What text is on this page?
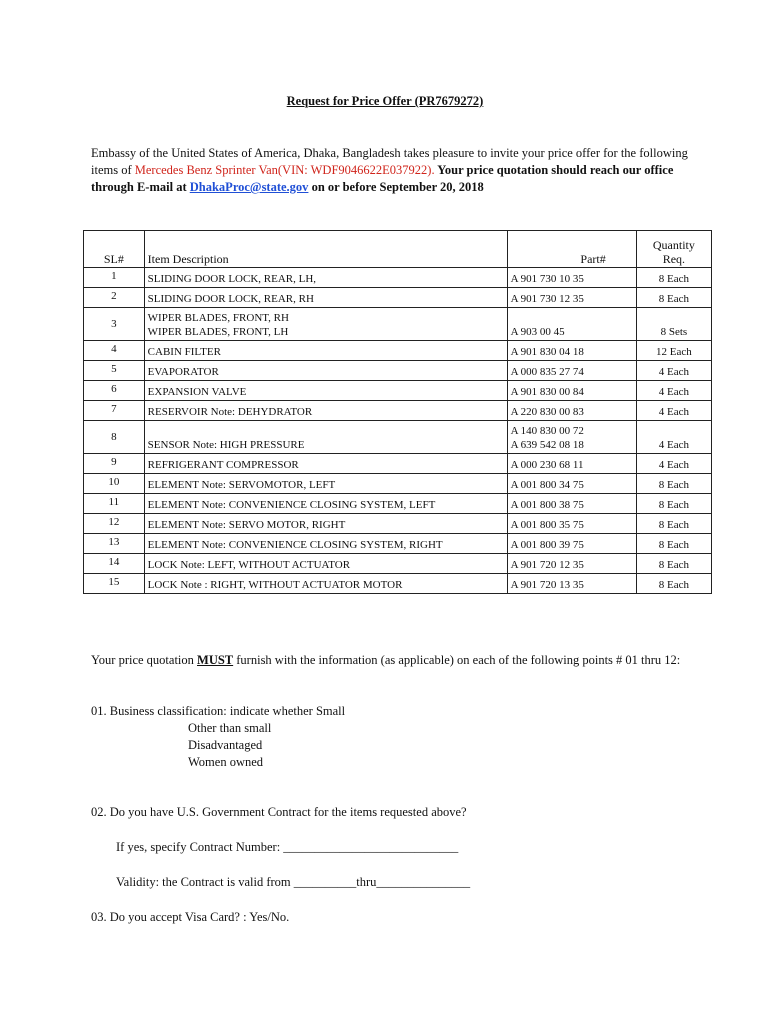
Request for Price Offer (PR7679272)
Embassy of the United States of America, Dhaka, Bangladesh takes pleasure to invite your price offer for the following items of Mercedes Benz Sprinter Van(VIN: WDF9046622E037922). Your price quotation should reach our office through E-mail at DhakaProc@state.gov on or before September 20, 2018
SL#	Item Description	Part#	Quantity
Req.

1	SLIDING DOOR LOCK, REAR, LH,	A 901 730 10 35	8 Each
2	SLIDING DOOR LOCK, REAR, RH	A 901 730 12 35	8 Each
3	WIPER BLADES, FRONT, RH
WIPER BLADES, FRONT, LH	A 903 00 45	8 Sets
4	CABIN FILTER	A 901 830 04 18	12 Each
5	EVAPORATOR	A 000 835 27 74	4 Each
6	EXPANSION VALVE	A 901 830 00 84	4 Each
7	RESERVOIR Note: DEHYDRATOR	A 220 830 00 83	4 Each
8	SENSOR Note: HIGH PRESSURE	A 140 830 00 72
A 639 542 08 18	4 Each
9	REFRIGERANT COMPRESSOR	A 000 230 68 11	4 Each
10	ELEMENT Note: SERVOMOTOR, LEFT	A 001 800 34 75	8 Each
11	ELEMENT Note: CONVENIENCE CLOSING SYSTEM, LEFT	A 001 800 38 75	8 Each
12	ELEMENT Note: SERVO MOTOR, RIGHT	A 001 800 35 75	8 Each
13	ELEMENT Note: CONVENIENCE CLOSING SYSTEM, RIGHT	A 001 800 39 75	8 Each
14	LOCK Note: LEFT, WITHOUT ACTUATOR	A 901 720 12 35	8 Each
15	LOCK Note : RIGHT, WITHOUT ACTUATOR MOTOR	A 901 720 13 35	8 Each
Your price quotation MUST furnish with the information (as applicable) on each of the following points # 01 thru 12:
01. Business classification: indicate whether Small
Other than small
Disadvantaged
Women owned
02. Do you have U.S. Government Contract for the items requested above?
If yes, specify Contract Number: ____________________________
Validity: the Contract is valid from __________thru_______________
03. Do you accept Visa Card? : Yes/No.
